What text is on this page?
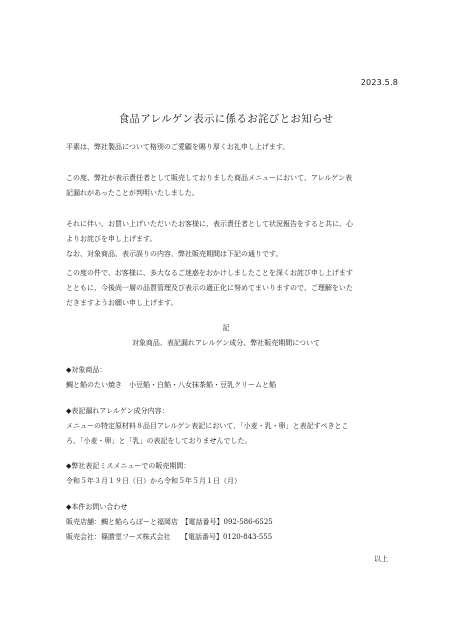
2023.5.8
食品アレルゲン表示に係るお詫びとお知らせ
平素は、弊社製品について格別のご愛顧を賜り厚くお礼申し上げます。
この度、弊社が表示責任者として販売しておりました商品メニューにおいて、アレルゲン表
記漏れがあったことが判明いたしました。
それに伴い、お買い上げいただいたお客様に、表示責任者として状況報告をすると共に、心
よりお詫びを申し上げます。
なお、対象商品、表示誤りの内容、弊社販売期間は下記の通りです。
この度の件で、お客様に、多大なるご迷惑をおかけしましたことを深くお詫び申し上げます
とともに、今後尚一層の品質管理及び表示の適正化に努めてまいりますので、ご理解をいた
だきますようお願い申し上げます。
記
対象商品、表記漏れアレルゲン成分、弊社販売期間について
◆対象商品：
鯛と餡のたい焼き　小豆餡・白餡・八女抹茶餡・豆乳クリームと餡
◆表記漏れアレルゲン成分内容：
メニューの特定原材料８品目アレルゲン表記において、「小麦・乳・卵」と表記すべきとこ
ろ、「小麦・卵」と「乳」の表記をしておりませんでした。
◆弊社表記ミスメニューでの販売期間：
令和５年３月１９日（日）から令和５年５月１日（月）
◆本件お問い合わせ
販売店舗：鯛と餡ららぽーと福岡店　【電話番号】092-586-6525
販売会社：篠勝堂フーズ株式会社　　【電話番号】0120-843-555
以上
